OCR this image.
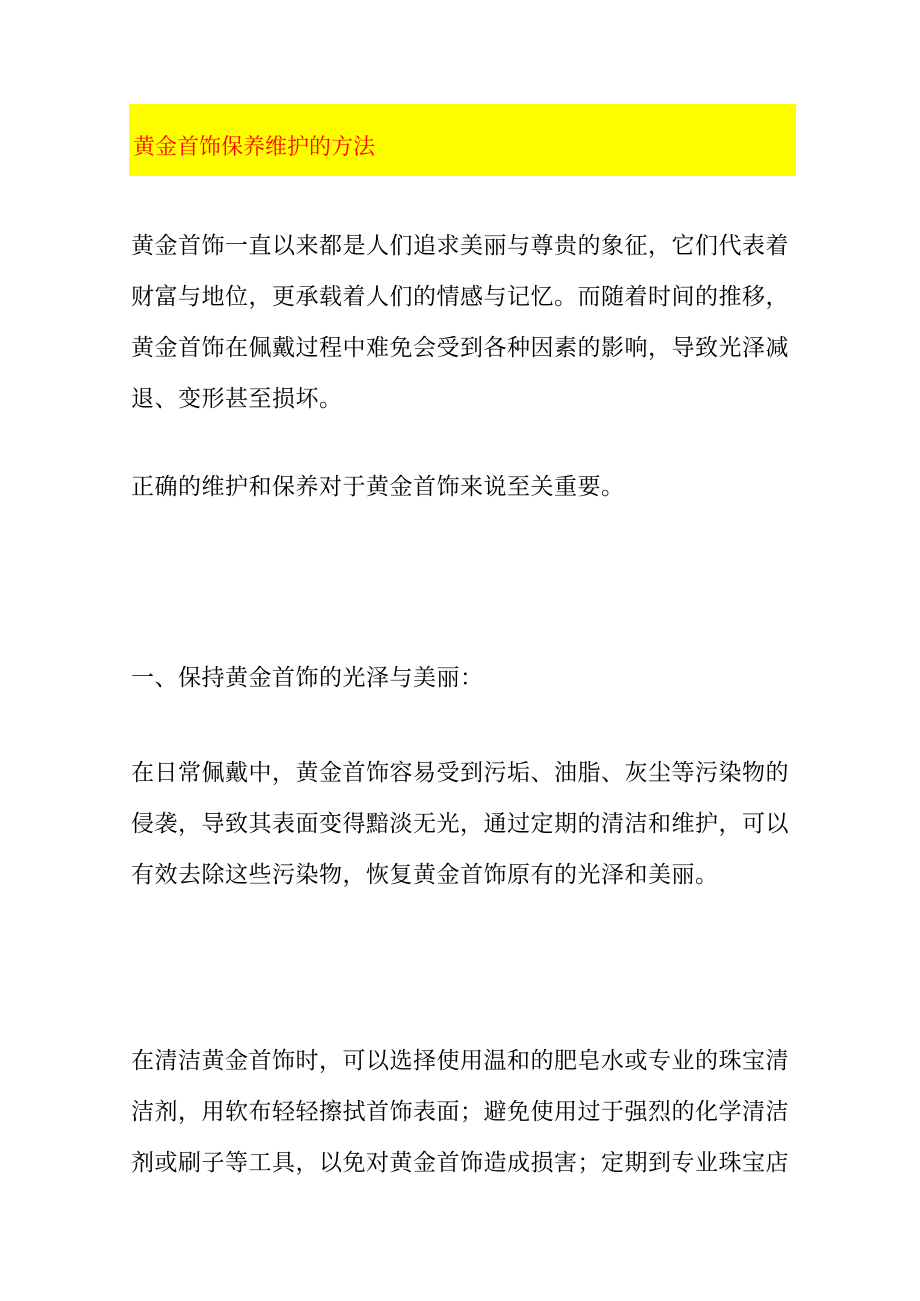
黄金首饰保养维护的方法
黄金首饰一直以来都是人们追求美丽与尊贵的象征，它们代表着
财富与地位，更承载着人们的情感与记忆。而随着时间的推移，
黄金首饰在佩戴过程中难免会受到各种因素的影响，导致光泽减
退、变形甚至损坏。
正确的维护和保养对于黄金首饰来说至关重要。
一、保持黄金首饰的光泽与美丽：
在日常佩戴中，黄金首饰容易受到污垢、油脂、灰尘等污染物的
侵袭，导致其表面变得黯淡无光，通过定期的清洁和维护，可以
有效去除这些污染物，恢复黄金首饰原有的光泽和美丽。
在清洁黄金首饰时，可以选择使用温和的肥皂水或专业的珠宝清
洁剂，用软布轻轻擦拭首饰表面；避免使用过于强烈的化学清洁
剂或刷子等工具，以免对黄金首饰造成损害；定期到专业珠宝店
